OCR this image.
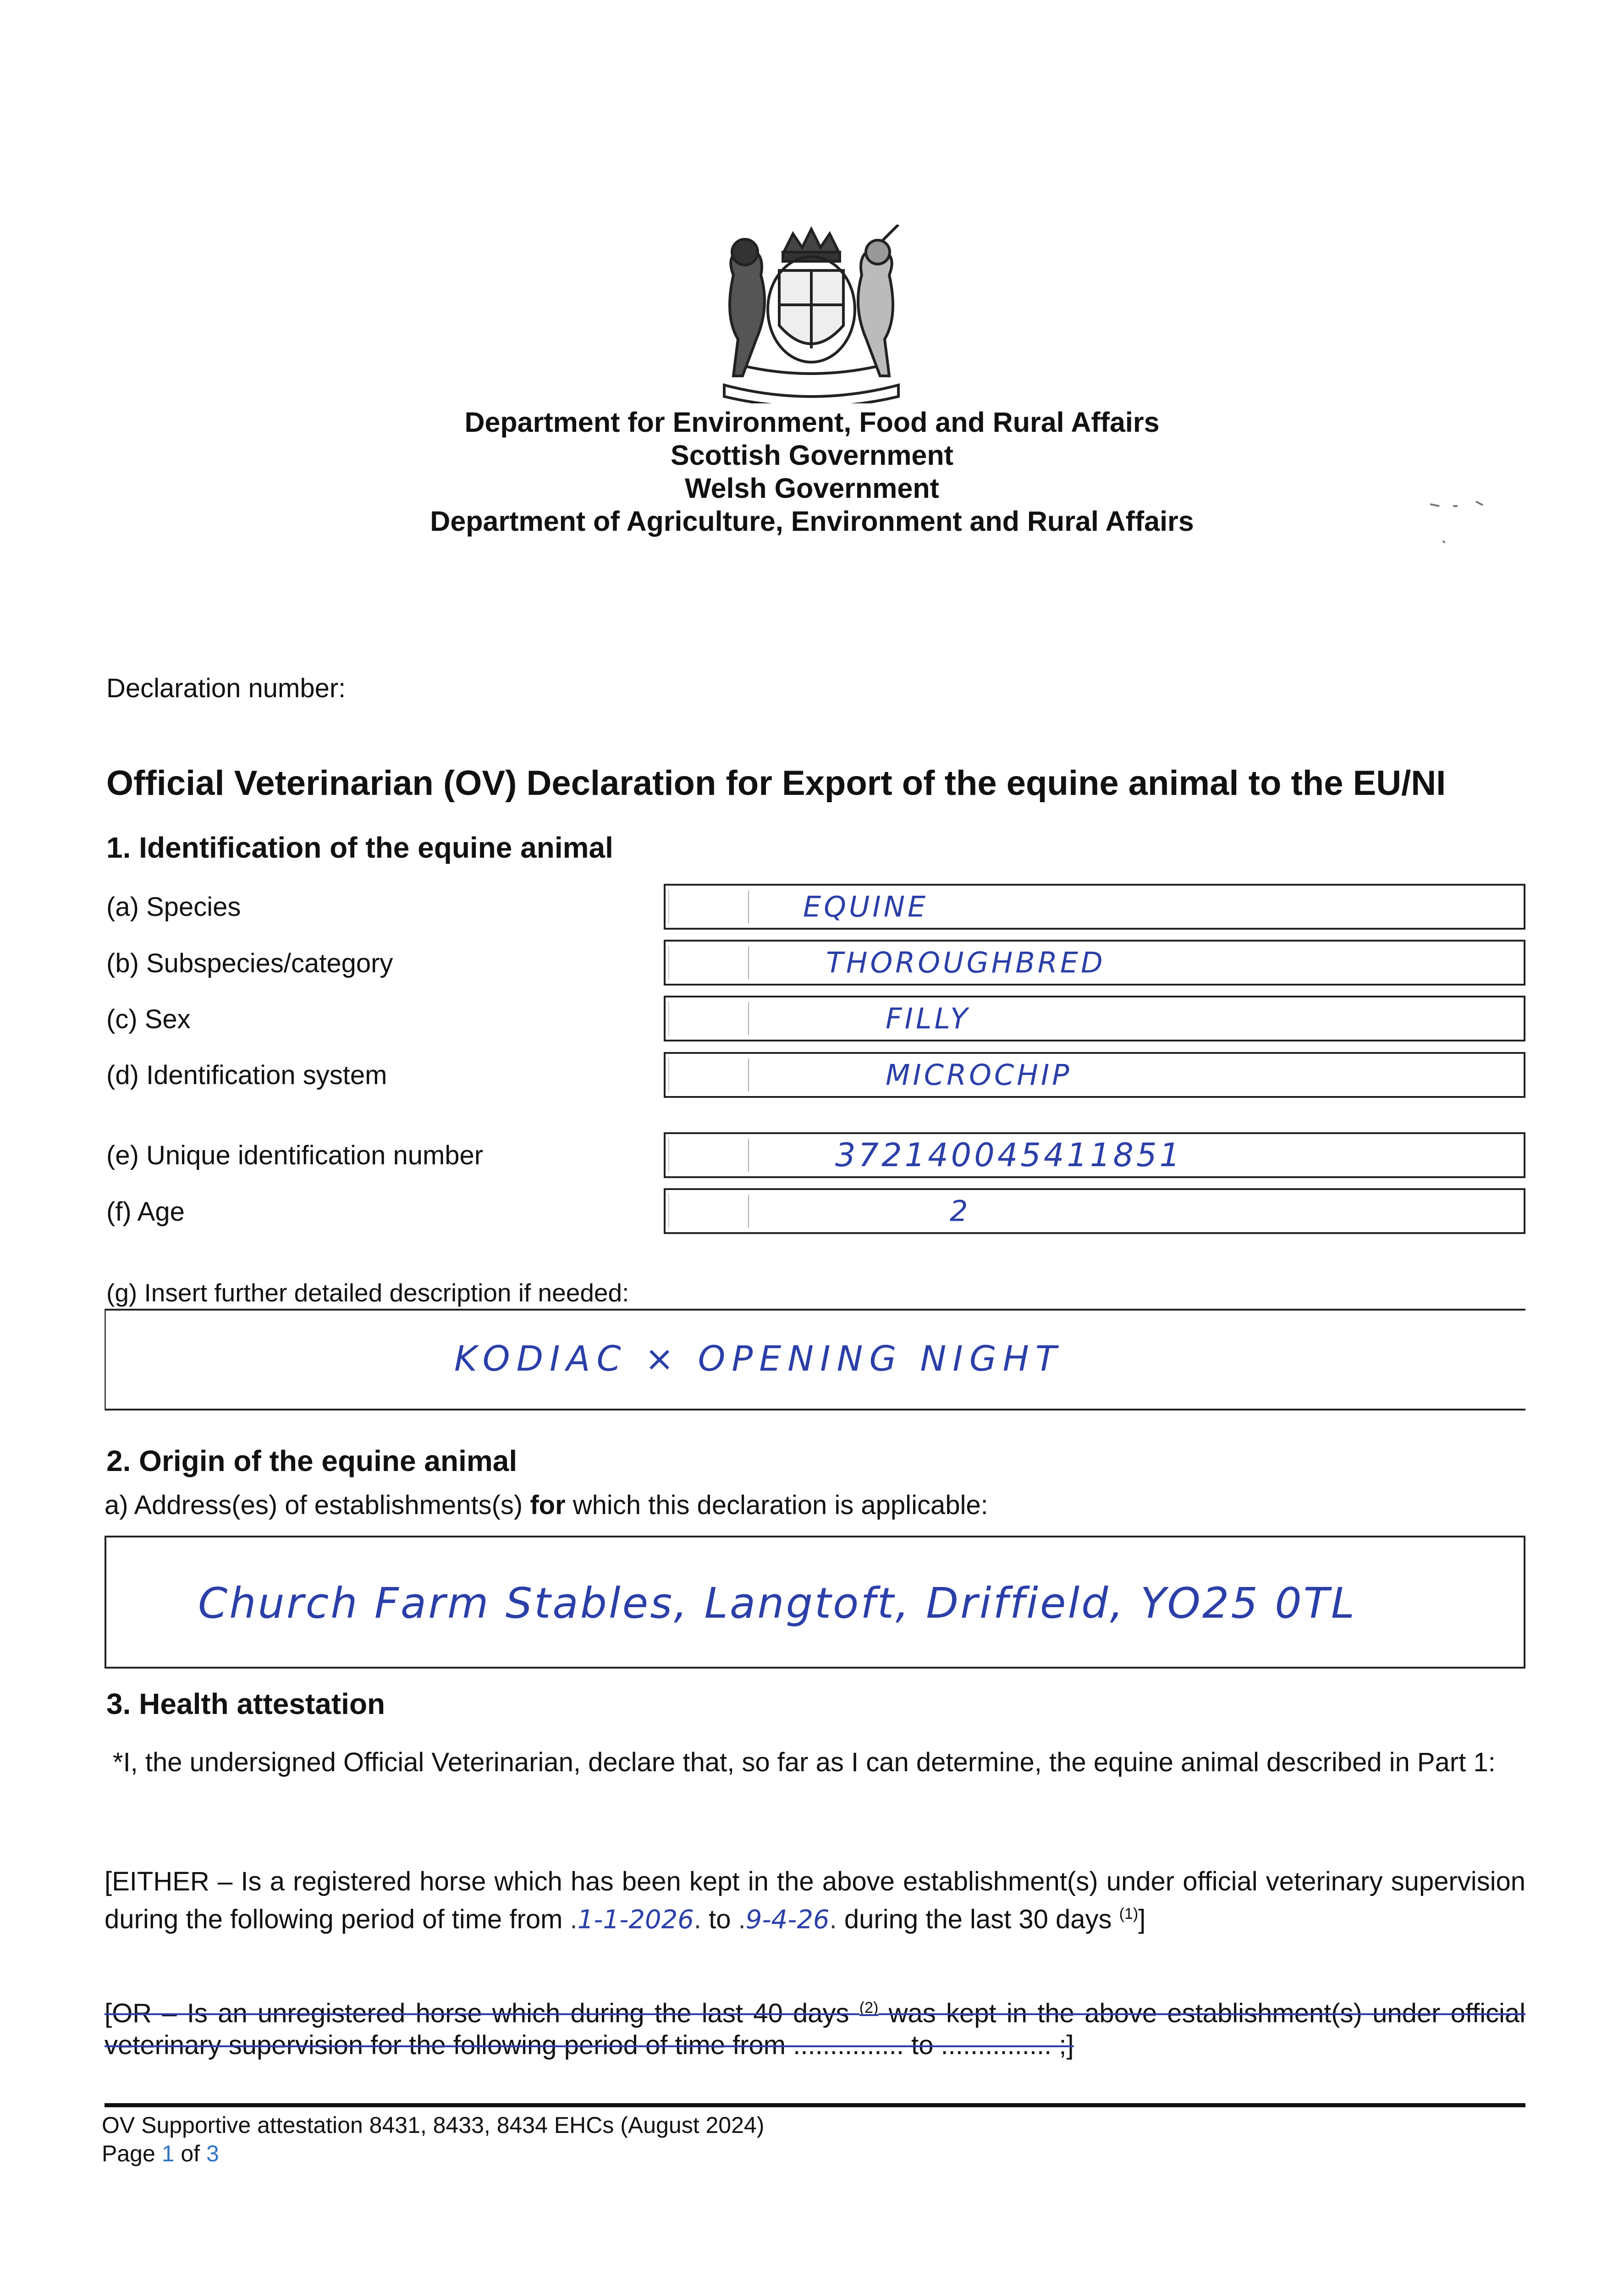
Department for Environment, Food and Rural Affairs
Scottish Government
Welsh Government
Department of Agriculture, Environment and Rural Affairs
Declaration number:
Official Veterinarian (OV) Declaration for Export of the equine animal to the EU/NI
1. Identification of the equine animal
(a) Species	EQUINE
(b) Subspecies/category	THOROUGHBRED
(c) Sex	FILLY
(d) Identification system	MICROCHIP
(e) Unique identification number	372140045411851
(f) Age	2
(g) Insert further detailed description if needed:
KODIAC × OPENING NIGHT
2. Origin of the equine animal
a) Address(es) of establishments(s) for which this declaration is applicable:
Church Farm Stables, Langtoft, Driffield, YO25 0TL
3. Health attestation
*I, the undersigned Official Veterinarian, declare that, so far as I can determine, the equine animal described in Part 1:
[EITHER – Is a registered horse which has been kept in the above establishment(s) under official veterinary supervision during the following period of time from .1-1-2026. to .9-4-26. during the last 30 days $^{(1)}$]
[OR – Is an unregistered horse which during the last 40 days $^{(2)}$ was kept in the above establishment(s) under official veterinary supervision for the following period of time from ............... to ............... ;]
OV Supportive attestation 8431, 8433, 8434 EHCs (August 2024)
Page 1 of 3
